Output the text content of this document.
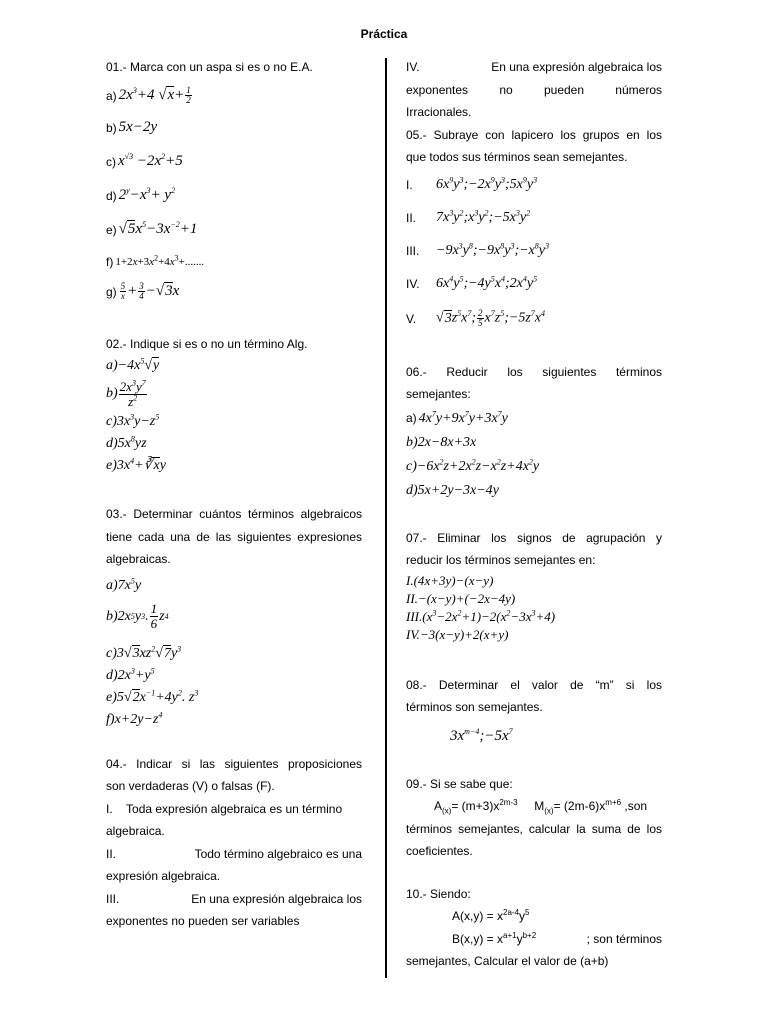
Práctica

01.- Marca con un aspa si es o no E.A.

a) $2x^3+4$ $√x+ \frac{1}{2}$
b) 5x−2y
c) $x^{√3} -2x^2+5$
d) $2^y-x^3+ y^2$
e) $√5x^5-3x^{-2}+1$
f) $1+2x+3x^2+4x^3+$.......
$g) \frac{5}{x} + \frac{3}{4} -√3x$

02.- Indique si es o no un término Alg.

$a)-4x^5√y$
b ) $\frac{2x^3y^7}{z^2}$
$c)3x^3y-z^5$
$d)5x^8yz$
$e)3x^4+∛xy$

03.- Determinar cuántos términos algebraicos

tiene cada una de las siguientes expresiones

algebraicas.

$a)7x^5y$
b )2 x 5 y 3 . $\frac{1}{6}$ z 4
$c)3√3xz^2√7y^3$
$d)2x^3+y^5$
$e)5√2x^{-1}+4y^2$. $z^3$
$f)x+2y-z^4$

04.- Indicar si las siguientes proposiciones

son verdaderas (V) o falsas (F).

I. Toda expresión algebraica es un término

algebraica.

II.	Todo término algebraico es una

expresión algebraica.

III.	En una expresión algebraica los

exponentes no pueden ser variables

IV.	En una expresión algebraica los

exponentes no pueden números

Irracionales.

05.- Subraye con lapicero los grupos en los

que todos sus términos sean semejantes.

I.	$6x^9y^3;-2x^9y^3;5x^9y^3$
II.	$7x^3y^2;x^3y^2;-5x^3y^2$
III.	$-9x^3y^8;-9x^8y^3;-x^8y^3$
IV.	$6x^4y^5;-4y^5x^4;2x^4y^5$
V.	$√3z^5x^7$; $\frac{2}{5}$ $x^7z^5;-5z^7x^4$

06.- Reducir los siguientes términos

semejantes:

a) $4x^7y+9x^7y+3x^7y$
b)2x−8x+3x
$c)-6x^2z+2x^2z-x^2z+4x^2y$
d)5x+2y−3x−4y

07.- Eliminar los signos de agrupación y

reducir los términos semejantes en:

I.(4x+3y)−(x−y)
II.−(x−y)+(−2x−4y)
$III.(x^3-2x^2+1)-2(x^2-3x^3+4)$
IV.−3(x−y)+2(x+y)

08.- Determinar el valor de “m” si los

términos son semejantes.

$3x^{m-4};-5x^7$

09.- Si se sabe que:

$A_{(x)}= (m+3)x^{2m-3}$     $M_{(x)}= (2m-6)x^{m+6}$ ,son

términos semejantes, calcular la suma de los

coeficientes.

10.- Siendo:

$A(x,y) = x^{2a-4}y^5$

$B(x,y) = x^{a+1}y^{b+2}$	; son términos

semejantes, Calcular el valor de (a+b)
